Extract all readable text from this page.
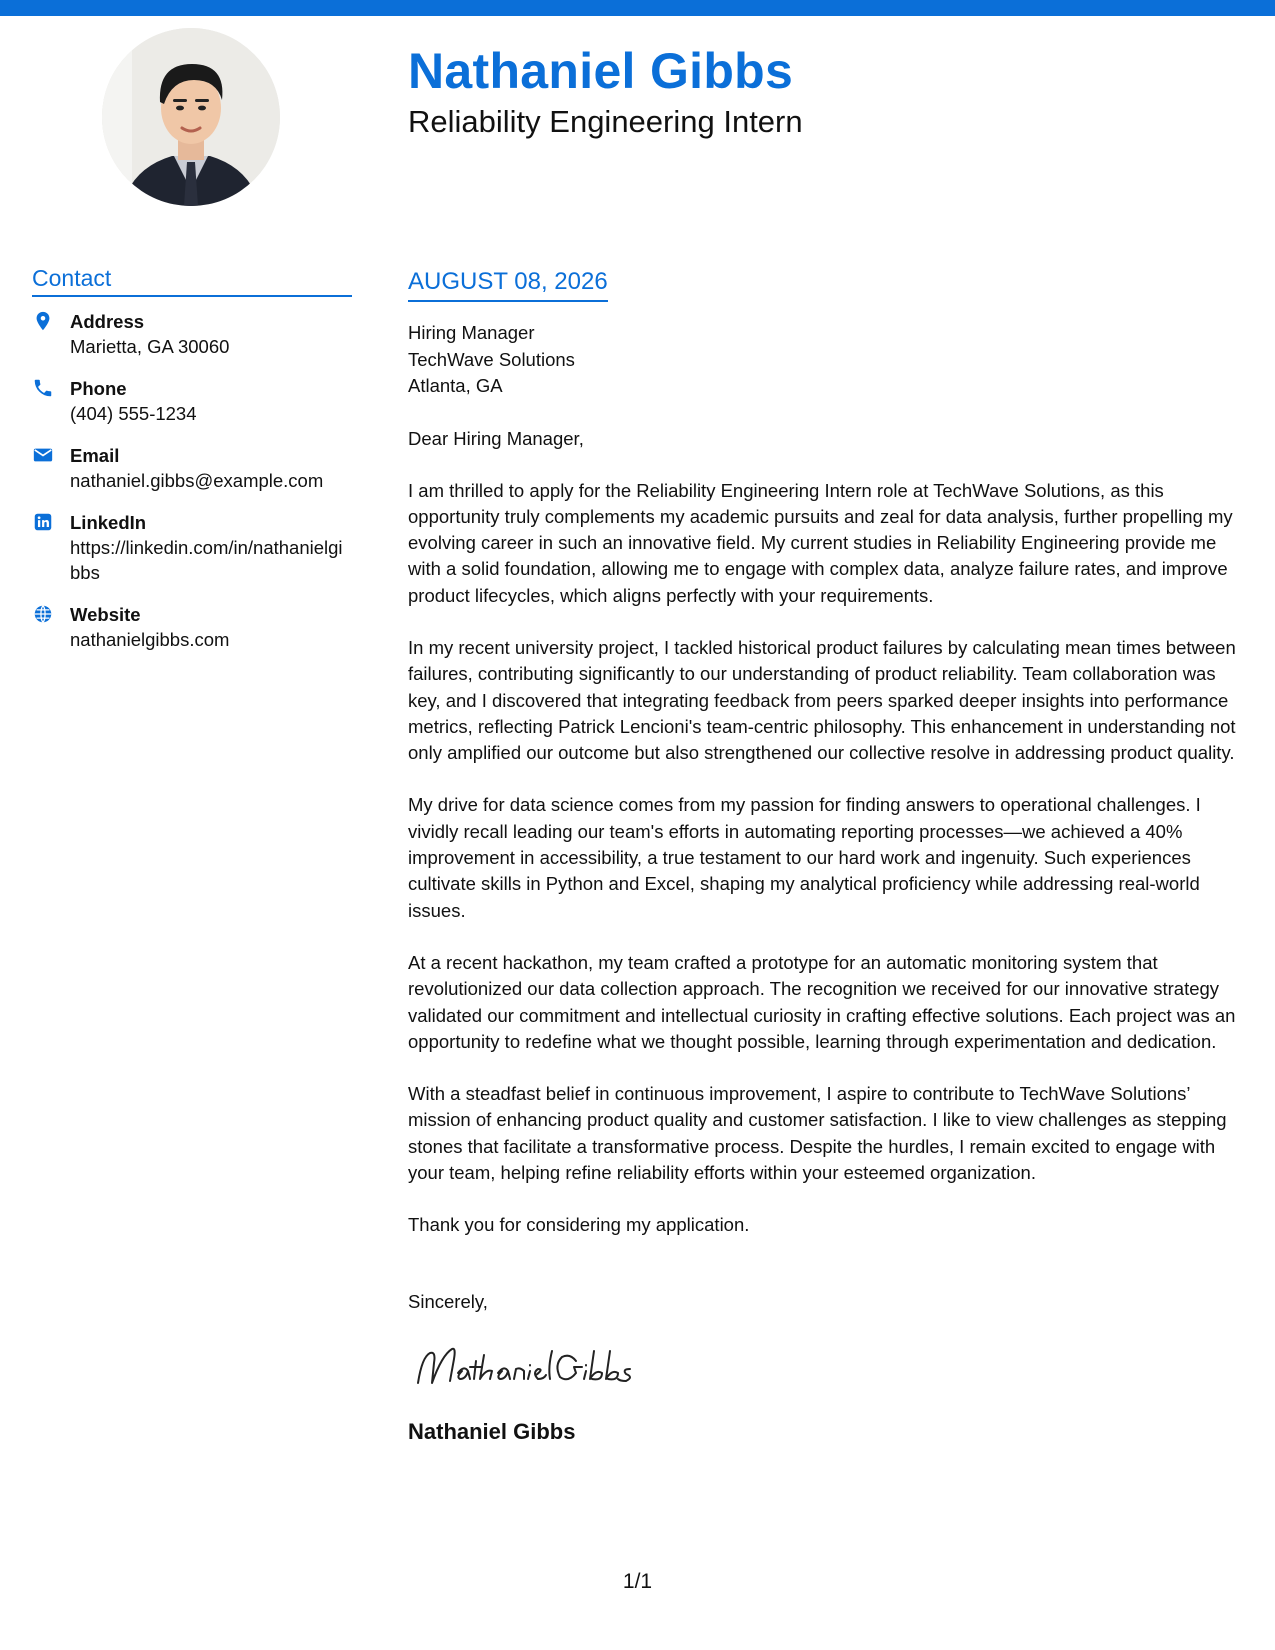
Nathaniel Gibbs
Reliability Engineering Intern
Contact
Address
Marietta, GA 30060
Phone
(404) 555-1234
Email
nathaniel.gibbs@example.com
LinkedIn
https://linkedin.com/in/nathanielgibbs
Website
nathanielgibbs.com
AUGUST 08, 2026
Hiring Manager
TechWave Solutions
Atlanta, GA
Dear Hiring Manager,
I am thrilled to apply for the Reliability Engineering Intern role at TechWave Solutions, as this opportunity truly complements my academic pursuits and zeal for data analysis, further propelling my evolving career in such an innovative field. My current studies in Reliability Engineering provide me with a solid foundation, allowing me to engage with complex data, analyze failure rates, and improve product lifecycles, which aligns perfectly with your requirements.
In my recent university project, I tackled historical product failures by calculating mean times between failures, contributing significantly to our understanding of product reliability. Team collaboration was key, and I discovered that integrating feedback from peers sparked deeper insights into performance metrics, reflecting Patrick Lencioni's team-centric philosophy. This enhancement in understanding not only amplified our outcome but also strengthened our collective resolve in addressing product quality.
My drive for data science comes from my passion for finding answers to operational challenges. I vividly recall leading our team's efforts in automating reporting processes—we achieved a 40% improvement in accessibility, a true testament to our hard work and ingenuity. Such experiences cultivate skills in Python and Excel, shaping my analytical proficiency while addressing real-world issues.
At a recent hackathon, my team crafted a prototype for an automatic monitoring system that revolutionized our data collection approach. The recognition we received for our innovative strategy validated our commitment and intellectual curiosity in crafting effective solutions. Each project was an opportunity to redefine what we thought possible, learning through experimentation and dedication.
With a steadfast belief in continuous improvement, I aspire to contribute to TechWave Solutions’ mission of enhancing product quality and customer satisfaction. I like to view challenges as stepping stones that facilitate a transformative process. Despite the hurdles, I remain excited to engage with your team, helping refine reliability efforts within your esteemed organization.
Thank you for considering my application.
Sincerely,
Nathaniel Gibbs
1/1
